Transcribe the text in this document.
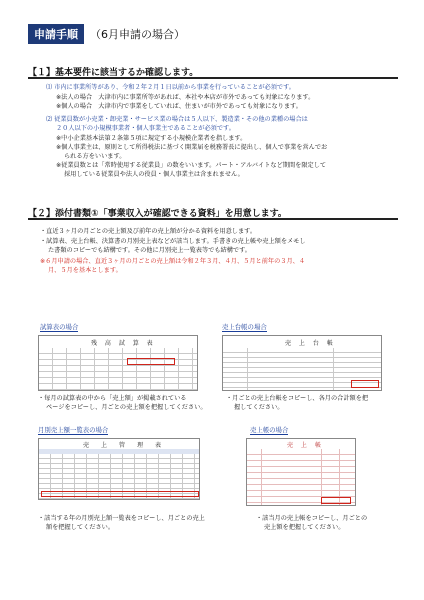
申請手順	（6月申請の場合）
【１】基本要件に該当するか確認します。
⑴ 市内に事業所等があり、令和２年２月１日以前から事業を行っていることが必須です。
※法人の場合　大津市内に事業所等があれば、本社や本店が市外であっても対象になります。
※個人の場合　大津市内で事業をしていれば、住まいが市外であっても対象になります。
⑵ 従業員数が小売業・卸売業・サービス業の場合は５人以下、製造業・その他の業種の場合は
２０人以下の小規模事業者・個人事業主であることが必須です。
※中小企業基本法第２条第５項に規定する小規模企業者を指します。
※個人事業主は、原則として所得税法に基づく開業届を税務署長に提出し、個人で事業を営んでお
られる方をいいます。
※従業員数とは「常時使用する従業員」の数をいいます。パート・アルバイトなど期間を限定して
採用している従業員や法人の役員・個人事業主は含まれません。
【２】添付書類①「事業収入が確認できる資料」を用意します。
・直近３ヶ月の月ごとの売上額及び前年の売上額が分かる資料を用意します。
・試算表、売上台帳、決算書の月別売上表などが該当します。手書きの売上帳や売上額をメモし
た書類のコピーでも結構です。その他に月別売上一覧表等でも結構です。
※６月申請の場合、直近３ヶ月の月ごとの売上額は令和２年３月、４月、５月と前年の３月、４
月、５月を基本とします。
試算表の場合
残 高 試 算 表
・毎月の試算表の中から「売上額」が掲載されている
ページをコピーし、月ごとの売上額を把握してください。
売上台帳の場合
売 上 台 帳
・月ごとの売上台帳をコピーし、各月の合計額を把
握してください。
月別売上額一覧表の場合
売　上　管　理　表
・該当する年の月別売上額一覧表をコピーし、月ごとの売上
額を把握してください。
売上帳の場合
売 上 帳
・該当月の売上帳をコピーし、月ごとの
売上額を把握してください。
